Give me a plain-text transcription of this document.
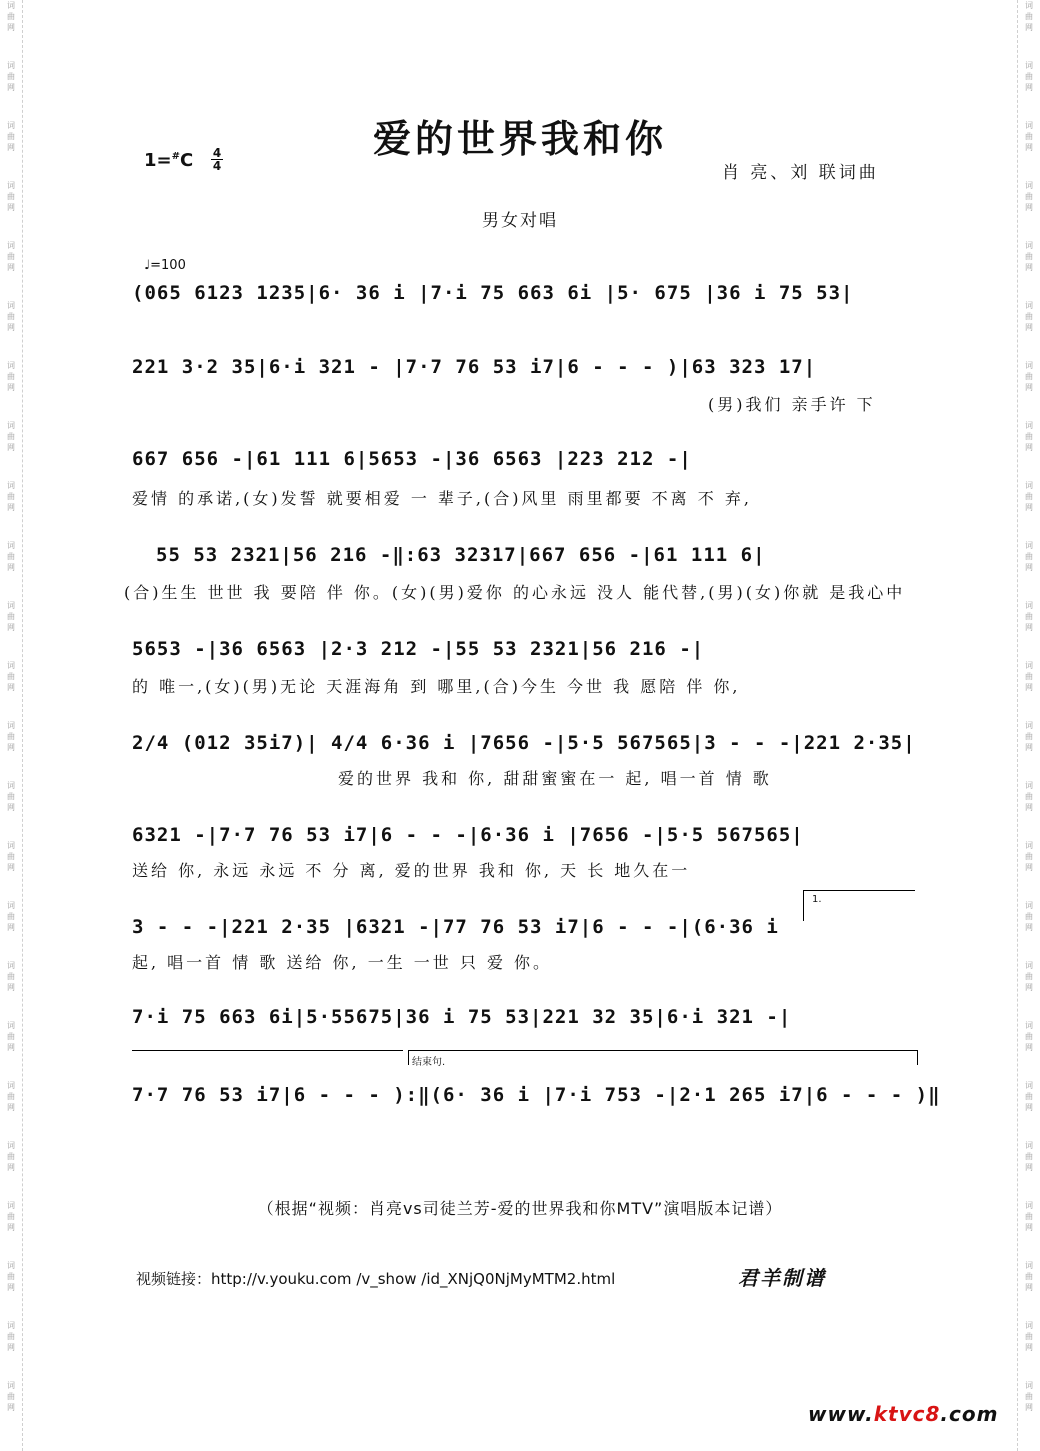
词
曲
网

词
曲
网

词
曲
网

词
曲
网

词
曲
网

词
曲
网

词
曲
网

词
曲
网

词
曲
网

词
曲
网

词
曲
网

词
曲
网

词
曲
网

词
曲
网

词
曲
网

词
曲
网

词
曲
网

词
曲
网

词
曲
网

词
曲
网

词
曲
网

词
曲
网

词
曲
网

词
曲
网

词
曲
网

词
曲
网

词
曲
网

词
曲
网

词
曲
网

词
曲
网

词
曲
网

词
曲
网

词
曲
网

词
曲
网

词
曲
网

词
曲
网

词
曲
网

词
曲
网

词
曲
网

词
曲
网

词
曲
网

词
曲
网

词
曲
网

词
曲
网

词
曲
网

词
曲
网

词
曲
网

词
曲
网

爱的世界我和你
1=#C 4
4	肖 亮、刘 联词曲
男女对唱
♩=100
(065 6123 1235|6· 36 i |7·i 75 663 6i |5· 675 |36 i 75 53|
221 3·2 35|6·i 321 - |7·7 76 53 i7|6 - - - )|63 323 17|
(男)我们 亲手许 下
667 656 -|61 111 6|5653 -|36 6563 |223 212 -|
爱情 的承诺,(女)发誓 就要相爱 一 辈子,(合)风里 雨里都要 不离 不 弃,
55 53 2321|56 216 -‖:63 32317|667 656 -|61 111 6|
(合)生生 世世 我 要陪 伴 你。(女)(男)爱你 的心永远 没人 能代替,(男)(女)你就 是我心中
5653 -|36 6563 |2·3 212 -|55 53 2321|56 216 -|
的 唯一,(女)(男)无论 天涯海角 到 哪里,(合)今生 今世 我 愿陪 伴 你,
2/4 (012 35i7)| 4/4 6·36 i |7656 -|5·5 567565|3 - - -|221 2·35|
爱的世界 我和 你, 甜甜蜜蜜在一 起, 唱一首 情 歌
6321 -|7·7 76 53 i7|6 - - -|6·36 i |7656 -|5·5 567565|
送给 你, 永远 永远 不 分 离, 爱的世界 我和 你, 天 长 地久在一
1.
3 - - -|221 2·35 |6321 -|77 76 53 i7|6 - - -|(6·36 i
起, 唱一首 情 歌 送给 你, 一生 一世 只 爱 你。
7·i 75 663 6i|5·55675|36 i 75 53|221 32 35|6·i 321 -|
结束句.
7·7 76 53 i7|6 - - - ):‖(6· 36 i |7·i 753 -|2·1 265 i7|6 - - - )‖
（根据“视频：肖亮vs司徒兰芳-爱的世界我和你MTV”演唱版本记谱）
视频链接：http://v.youku.com /v_show /id_XNjQ0NjMyMTM2.html	君羊制谱
www.ktvc8.com
